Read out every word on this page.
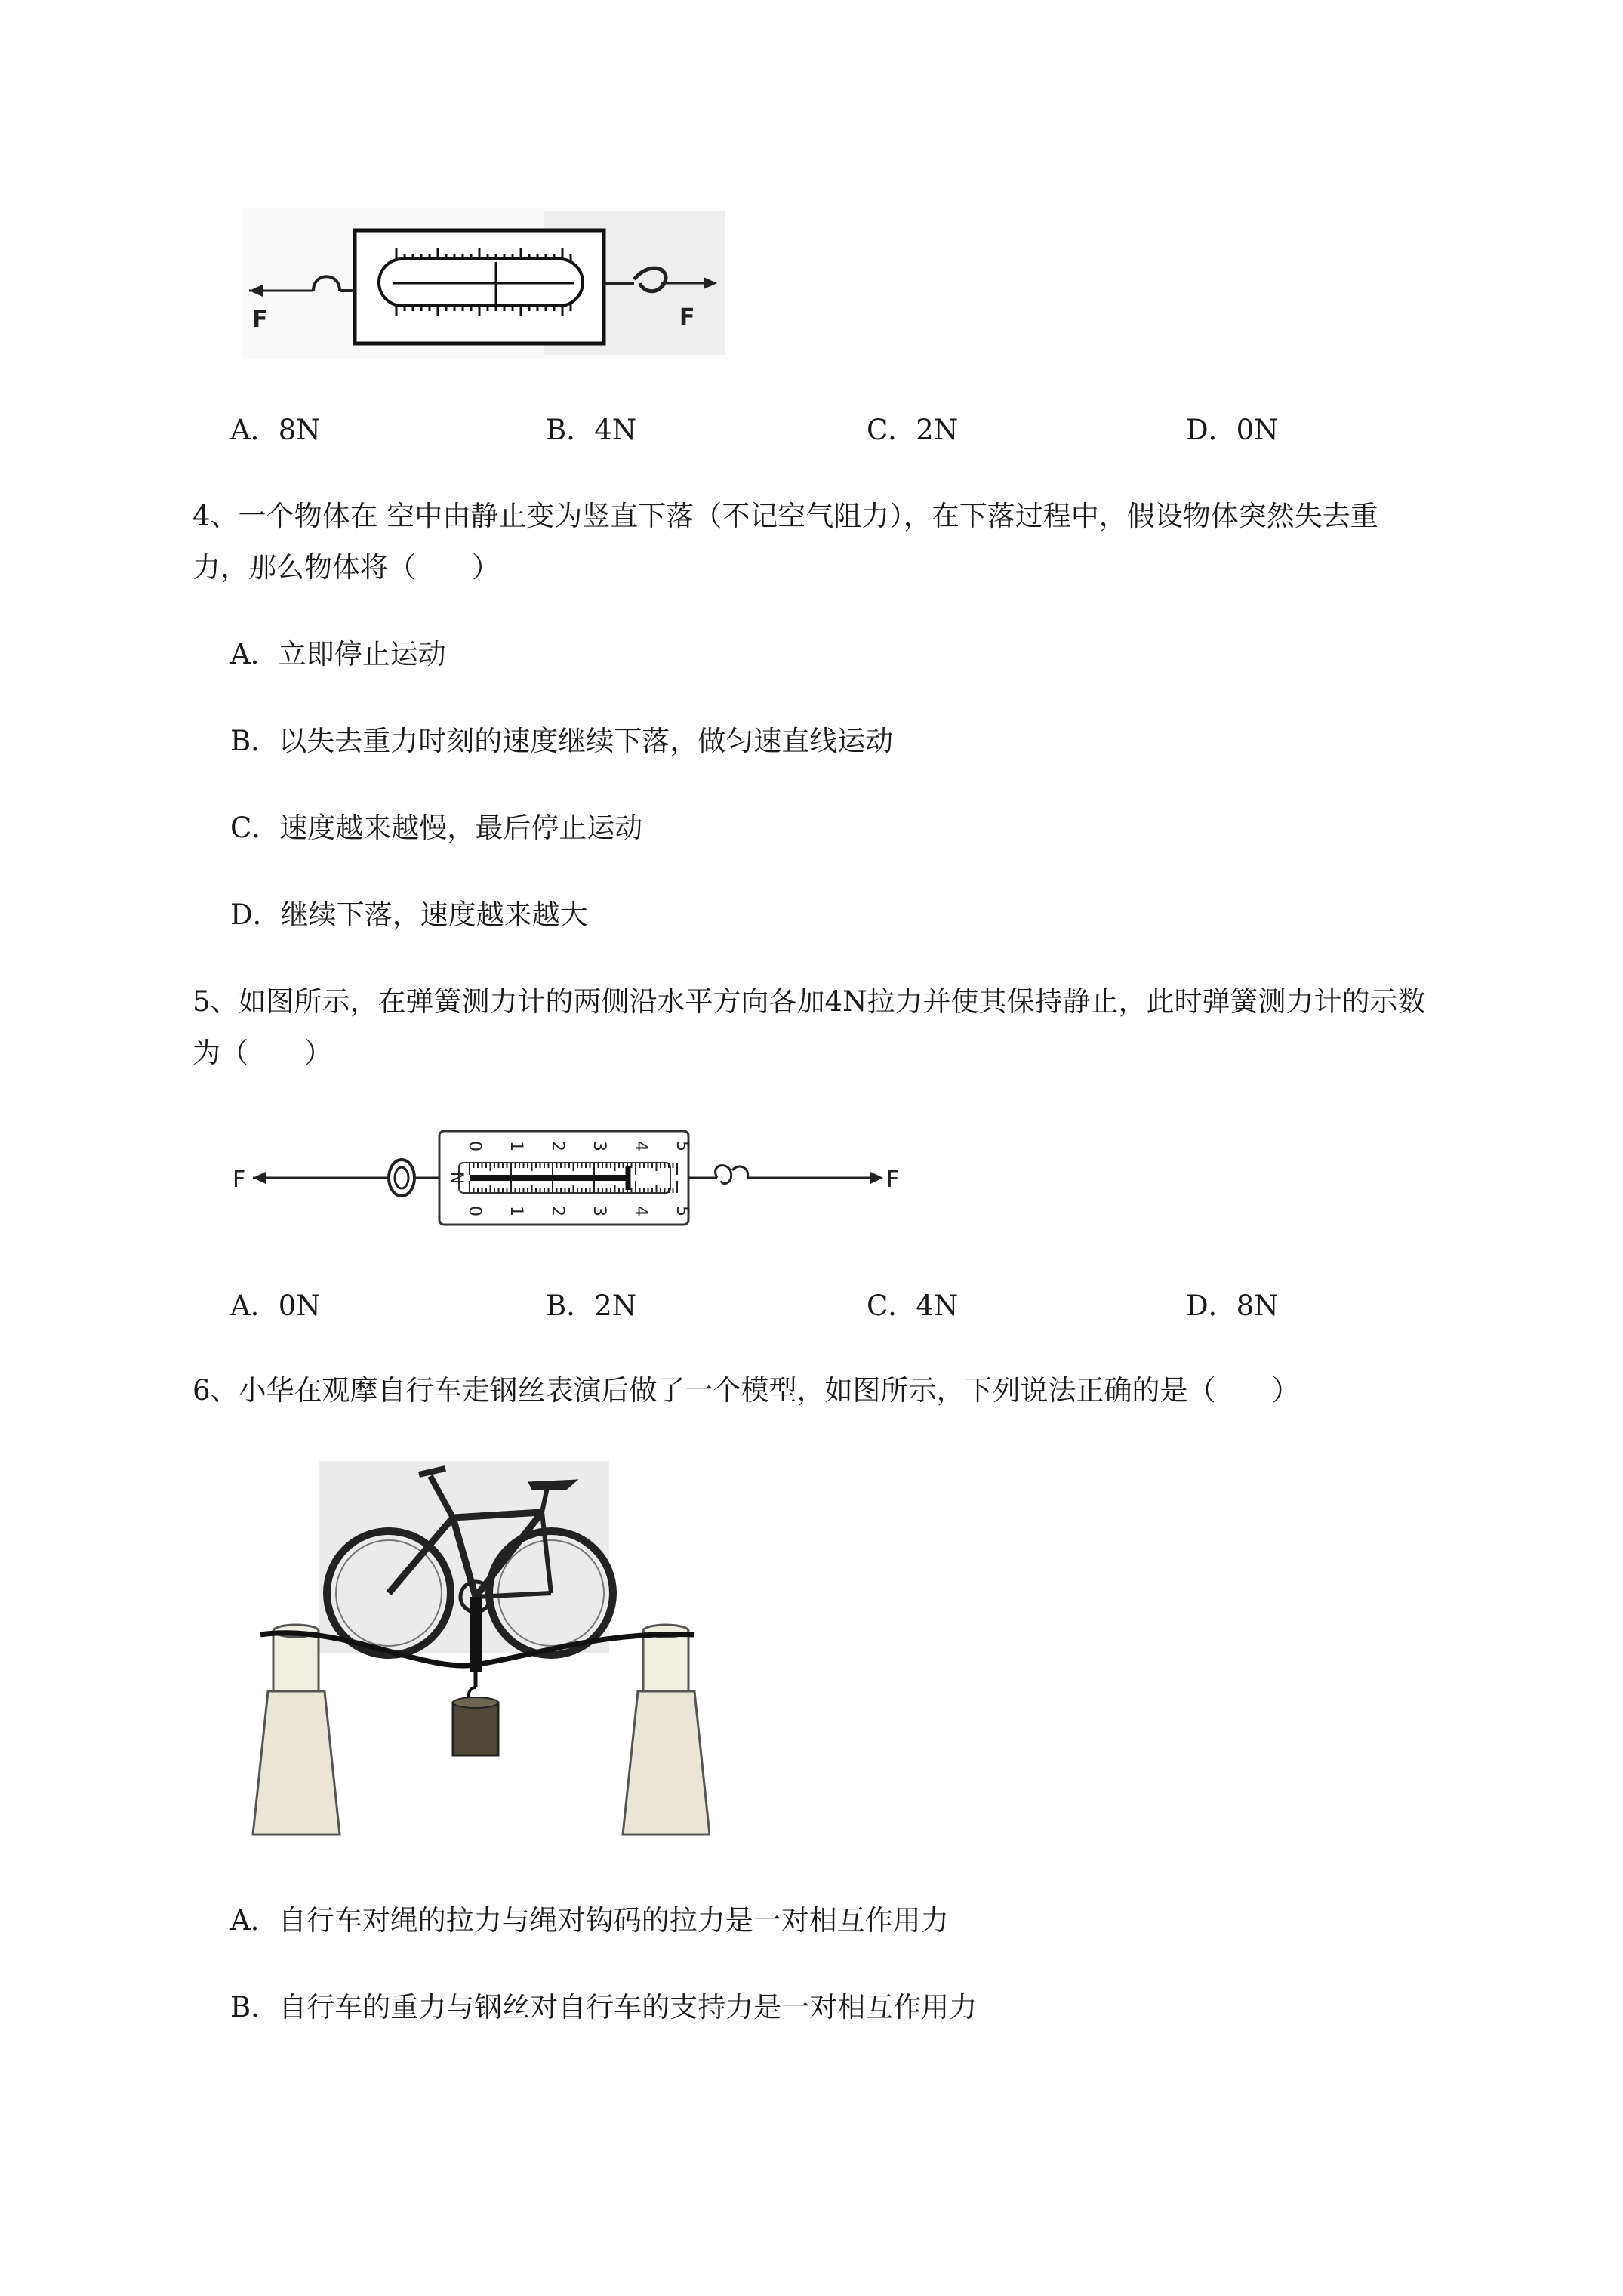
F	F
A．8N	B．4N	C．2N	D．0N
4、一个物体在 空中由静止变为竖直下落（不记空气阻力），在下落过程中，假设物体突然失去重
力，那么物体将（　　）
A．立即停止运动
B．以失去重力时刻的速度继续下落，做匀速直线运动
C．速度越来越慢，最后停止运动
D．继续下落，速度越来越大
5、如图所示，在弹簧测力计的两侧沿水平方向各加4N拉力并使其保持静止，此时弹簧测力计的示数
为（　　）
F	F
0
0
1
1
2
2
3
3
4
4
5
5
N
A．0N	B．2N	C．4N	D．8N
6、小华在观摩自行车走钢丝表演后做了一个模型，如图所示，下列说法正确的是（　　）
A．自行车对绳的拉力与绳对钩码的拉力是一对相互作用力
B．自行车的重力与钢丝对自行车的支持力是一对相互作用力
